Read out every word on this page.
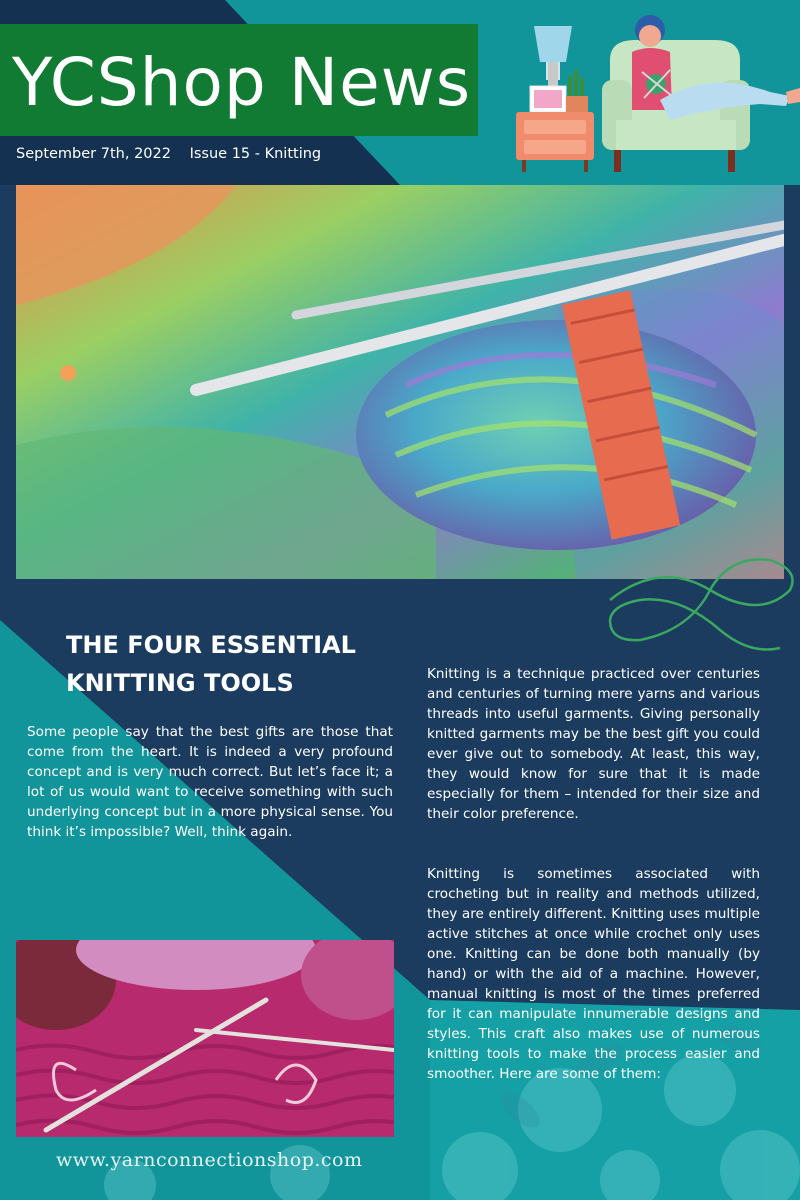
YCShop News
September 7th, 2022 Issue 15 - Knitting
THE FOUR ESSENTIAL KNITTING TOOLS

Some people say that the best gifts are those that come from the heart. It is indeed a very profound concept and is very much correct. But let’s face it; a lot of us would want to receive something with such underlying concept but in a more physical sense. You think it’s impossible? Well, think again.

Knitting is a technique practiced over centuries and centuries of turning mere yarns and various threads into useful garments. Giving personally knitted garments may be the best gift you could ever give out to somebody. At least, this way, they would know for sure that it is made especially for them – intended for their size and their color preference.

Knitting is sometimes associated with crocheting but in reality and methods utilized, they are entirely different. Knitting uses multiple active stitches at once while crochet only uses one. Knitting can be done both manually (by hand) or with the aid of a machine. However, manual knitting is most of the times preferred for it can manipulate innumerable designs and styles. This craft also makes use of numerous knitting tools to make the process easier and smoother. Here are some of them:

www.yarnconnectionshop.com
